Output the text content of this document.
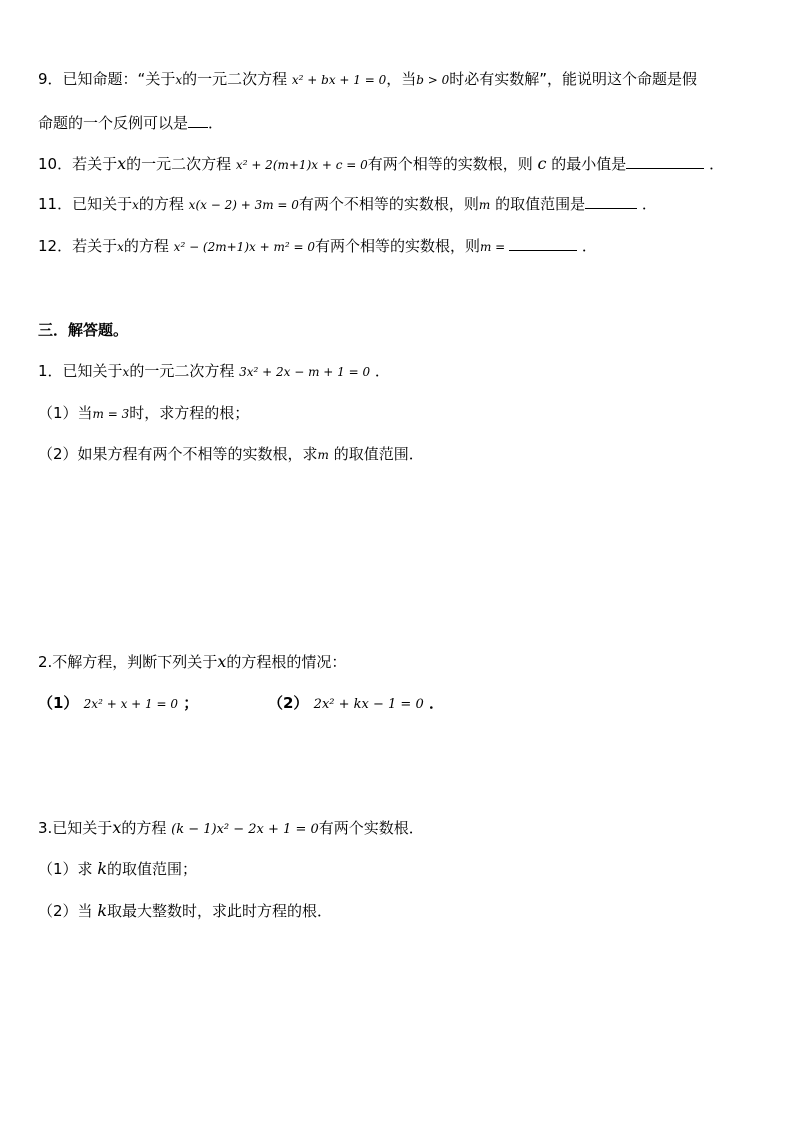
9．已知命题：“关于x的一元二次方程 x² + bx + 1 = 0，当b > 0时必有实数解”，能说明这个命题是假
命题的一个反例可以是 ．
10．若关于x的一元二次方程 x² + 2(m+1)x + c = 0有两个相等的实数根，则 c 的最小值是	．
11．已知关于x的方程 x(x − 2) + 3m = 0有两个不相等的实数根，则m 的取值范围是	．
12．若关于x的方程 x² − (2m+1)x + m² = 0有两个相等的实数根，则m =	．
三．解答题。
1．已知关于x的一元二次方程 3x² + 2x − m + 1 = 0 ．
（1）当m = 3时，求方程的根；
（2）如果方程有两个不相等的实数根，求m 的取值范围．
2.不解方程，判断下列关于x的方程根的情况：
（1） 2x² + x + 1 = 0 ；	（2） 2x² + kx − 1 = 0 ．
3.已知关于x的方程 (k − 1)x² − 2x + 1 = 0有两个实数根．
（1）求 k的取值范围；
（2）当 k取最大整数时，求此时方程的根．
